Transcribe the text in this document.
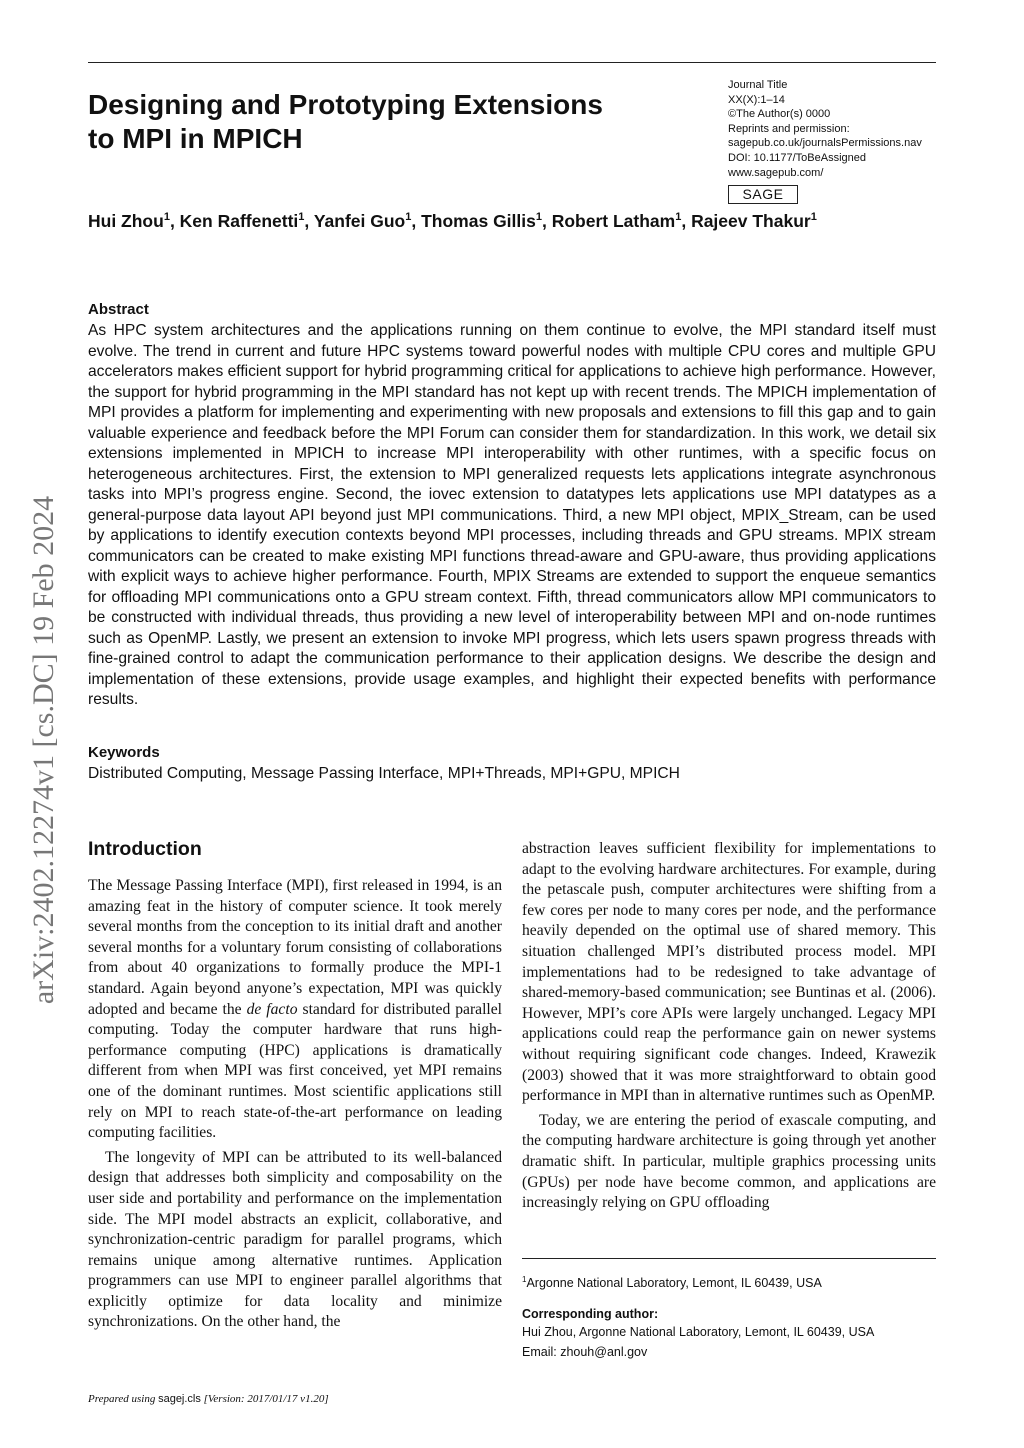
Designing and Prototyping Extensions
to MPI in MPICH
Journal Title
XX(X):1–14
©The Author(s) 0000
Reprints and permission:
sagepub.co.uk/journalsPermissions.nav
DOI: 10.1177/ToBeAssigned
www.sagepub.com/
SAGE
Hui Zhou$^1$, Ken Raffenetti$^1$, Yanfei Guo$^1$, Thomas Gillis$^1$, Robert Latham$^1$, Rajeev Thakur$^1$
arXiv:2402.12274v1 [cs.DC] 19 Feb 2024
Abstract

As HPC system architectures and the applications running on them continue to evolve, the MPI standard itself must evolve. The trend in current and future HPC systems toward powerful nodes with multiple CPU cores and multiple GPU accelerators makes efficient support for hybrid programming critical for applications to achieve high performance. However, the support for hybrid programming in the MPI standard has not kept up with recent trends. The MPICH implementation of MPI provides a platform for implementing and experimenting with new proposals and extensions to fill this gap and to gain valuable experience and feedback before the MPI Forum can consider them for standardization. In this work, we detail six extensions implemented in MPICH to increase MPI interoperability with other runtimes, with a specific focus on heterogeneous architectures. First, the extension to MPI generalized requests lets applications integrate asynchronous tasks into MPI’s progress engine. Second, the iovec extension to datatypes lets applications use MPI datatypes as a general-purpose data layout API beyond just MPI communications. Third, a new MPI object, MPIX_Stream, can be used by applications to identify execution contexts beyond MPI processes, including threads and GPU streams. MPIX stream communicators can be created to make existing MPI functions thread-aware and GPU-aware, thus providing applications with explicit ways to achieve higher performance. Fourth, MPIX Streams are extended to support the enqueue semantics for offloading MPI communications onto a GPU stream context. Fifth, thread communicators allow MPI communicators to be constructed with individual threads, thus providing a new level of interoperability between MPI and on-node runtimes such as OpenMP. Lastly, we present an extension to invoke MPI progress, which lets users spawn progress threads with fine-grained control to adapt the communication performance to their application designs. We describe the design and implementation of these extensions, provide usage examples, and highlight their expected benefits with performance results.

Keywords

Distributed Computing, Message Passing Interface, MPI+Threads, MPI+GPU, MPICH

Introduction

The Message Passing Interface (MPI), first released in 1994, is an amazing feat in the history of computer science. It took merely several months from the conception to its initial draft and another several months for a voluntary forum consisting of collaborations from about 40 organizations to formally produce the MPI-1 standard. Again beyond anyone’s expectation, MPI was quickly adopted and became the de facto standard for distributed parallel computing. Today the computer hardware that runs high-performance computing (HPC) applications is dramatically different from when MPI was first conceived, yet MPI remains one of the dominant runtimes. Most scientific applications still rely on MPI to reach state-of-the-art performance on leading computing facilities.

The longevity of MPI can be attributed to its well-balanced design that addresses both simplicity and composability on the user side and portability and performance on the implementation side. The MPI model abstracts an explicit, collaborative, and synchronization-centric paradigm for parallel programs, which remains unique among alternative runtimes. Application programmers can use MPI to engineer parallel algorithms that explicitly optimize for data locality and minimize synchronizations. On the other hand, the

abstraction leaves sufficient flexibility for implementations to adapt to the evolving hardware architectures. For example, during the petascale push, computer architectures were shifting from a few cores per node to many cores per node, and the performance heavily depended on the optimal use of shared memory. This situation challenged MPI’s distributed process model. MPI implementations had to be redesigned to take advantage of shared-memory-based communication; see Buntinas et al. (2006). However, MPI’s core APIs were largely unchanged. Legacy MPI applications could reap the performance gain on newer systems without requiring significant code changes. Indeed, Krawezik (2003) showed that it was more straightforward to obtain good performance in MPI than in alternative runtimes such as OpenMP.

Today, we are entering the period of exascale computing, and the computing hardware architecture is going through yet another dramatic shift. In particular, multiple graphics processing units (GPUs) per node have become common, and applications are increasingly relying on GPU offloading

$^1$Argonne National Laboratory, Lemont, IL 60439, USA
Corresponding author:
Hui Zhou, Argonne National Laboratory, Lemont, IL 60439, USA
Email: zhouh@anl.gov
Prepared using sagej.cls [Version: 2017/01/17 v1.20]
